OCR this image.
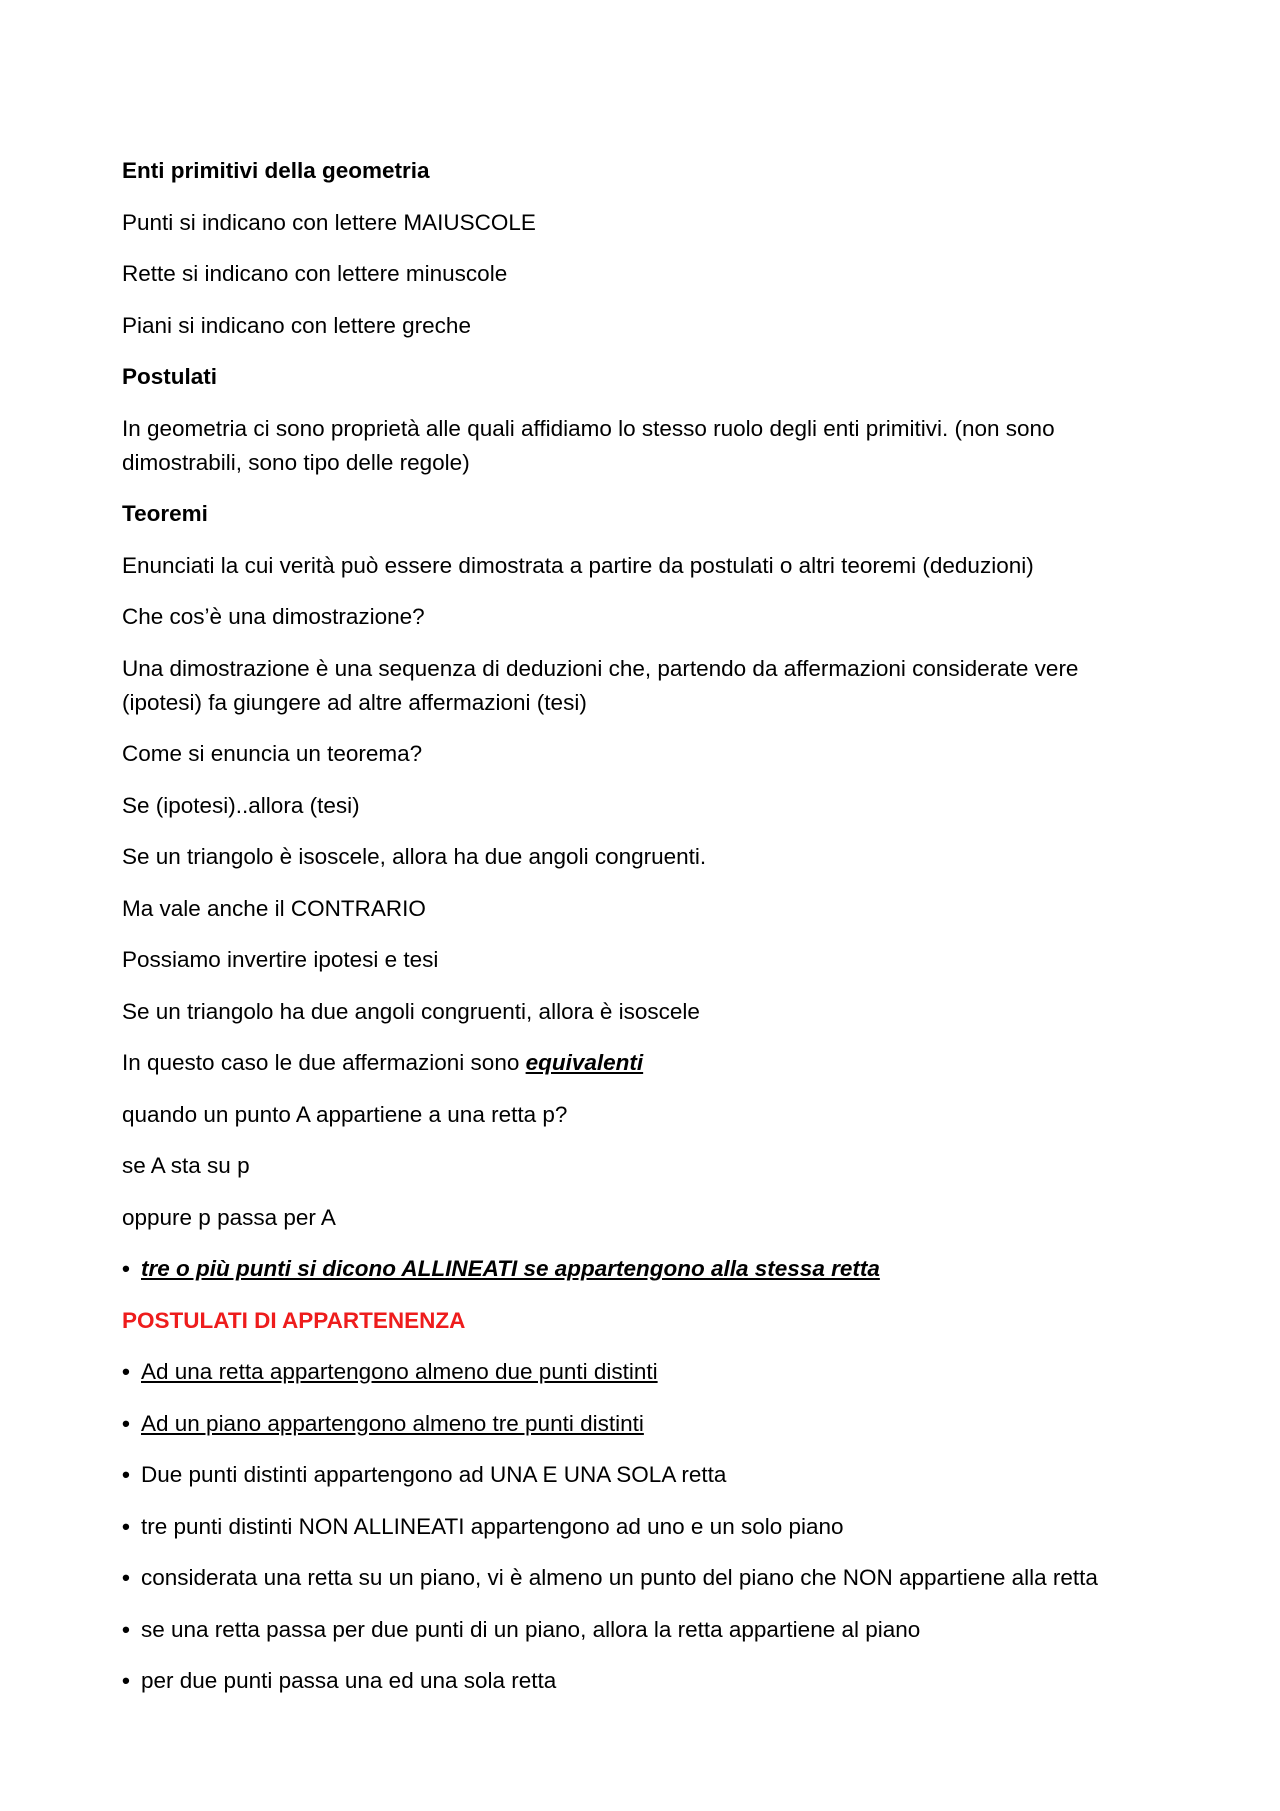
Enti primitivi della geometria

Punti si indicano con lettere MAIUSCOLE

Rette si indicano con lettere minuscole

Piani si indicano con lettere greche

Postulati

In geometria ci sono proprietà alle quali affidiamo lo stesso ruolo degli enti primitivi. (non sono dimostrabili, sono tipo delle regole)

Teoremi

Enunciati la cui verità può essere dimostrata a partire da postulati o altri teoremi (deduzioni)

Che cos’è una dimostrazione?

Una dimostrazione è una sequenza di deduzioni che, partendo da affermazioni considerate vere (ipotesi) fa giungere ad altre affermazioni (tesi)

Come si enuncia un teorema?

Se (ipotesi)..allora (tesi)

Se un triangolo è isoscele, allora ha due angoli congruenti.

Ma vale anche il CONTRARIO

Possiamo invertire ipotesi e tesi

Se un triangolo ha due angoli congruenti, allora è isoscele

In questo caso le due affermazioni sono equivalenti

quando un punto A appartiene a una retta p?

se A sta su p

oppure p passa per A

• tre o più punti si dicono ALLINEATI se appartengono alla stessa retta

POSTULATI DI APPARTENENZA

• Ad una retta appartengono almeno due punti distinti

• Ad un piano appartengono almeno tre punti distinti

• Due punti distinti appartengono ad UNA E UNA SOLA retta

• tre punti distinti NON ALLINEATI appartengono ad uno e un solo piano

• considerata una retta su un piano, vi è almeno un punto del piano che NON appartiene alla retta

• se una retta passa per due punti di un piano, allora la retta appartiene al piano

• per due punti passa una ed una sola retta
